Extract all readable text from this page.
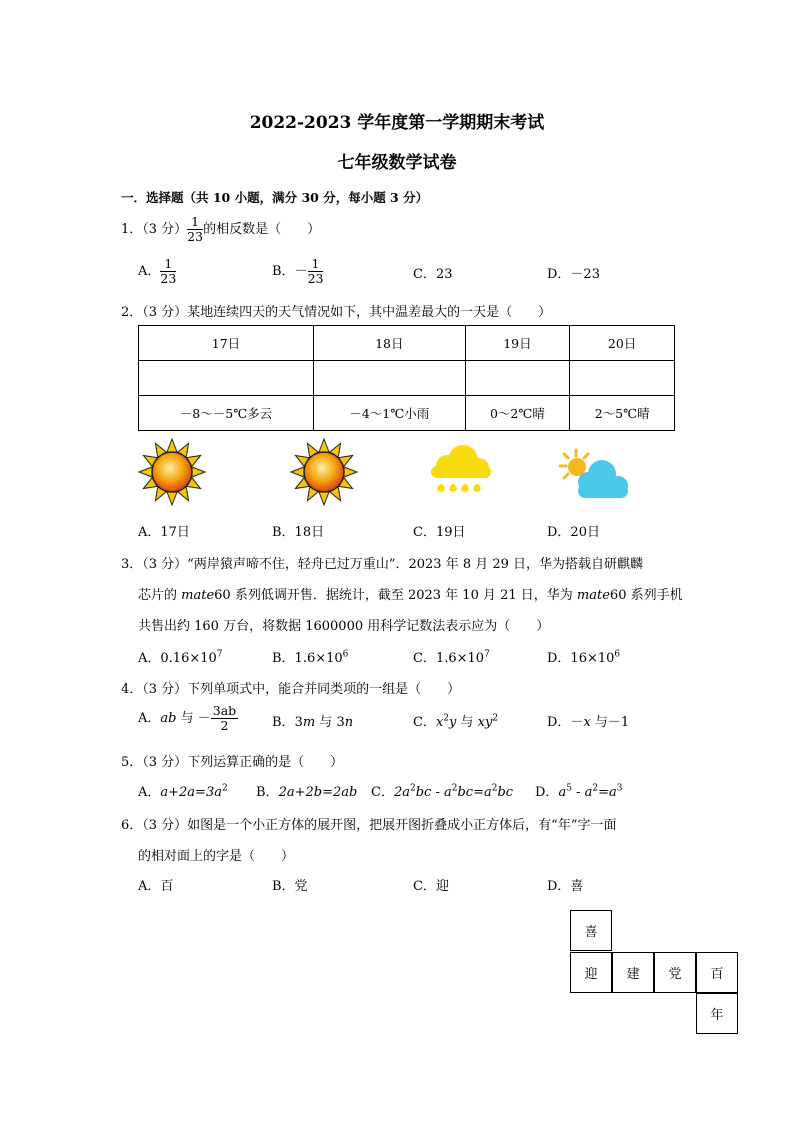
2022-2023 学年度第一学期期末考试
七年级数学试卷
一．选择题（共 10 小题，满分 30 分，每小题 3 分）
1．（3 分） $\frac{1}{23}$ 的相反数是（　　）
A． $\frac{1}{23}$	B．－ $\frac{1}{23}$	C．23	D．－23
2．（3 分）某地连续四天的天气情况如下，其中温差最大的一天是（　　）
17日	18日	19日	20日

－8～－5℃多云	－4～1℃小雨	0～2℃晴	2～5℃晴
A．17日	B．18日	C．19日	D．20日
3．（3 分）“两岸猿声啼不住，轻舟已过万重山”．2023 年 8 月 29 日，华为搭载自研麒麟
芯片的 mate60 系列低调开售．据统计，截至 2023 年 10 月 21 日，华为 mate60 系列手机
共售出约 160 万台，将数据 1600000 用科学记数法表示应为（　　）
A．$0.16\times 10^7$	B．$1.6\times 10^6$	C．$1.6\times 10^7$	D．$16\times 10^6$
4．（3 分）下列单项式中，能合并同类项的一组是（　　）
A．ab 与 － $\frac{3ab}{2}$	B．3m 与 3n	C．$x^2y$ 与 $xy^2$	D．－x 与－1
5．（3 分）下列运算正确的是（　　）
A．$a+2a=3a^2$ B．2a+2b=2ab C．$2a^2bc - a^2bc=a^2bc$ D．$a^5 - a^2=a^3$
6．（3 分）如图是一个小正方体的展开图，把展开图折叠成小正方体后，有“年”字一面
的相对面上的字是（　　）
A．百	B．党	C．迎	D．喜
喜
迎	建	党	百
年
